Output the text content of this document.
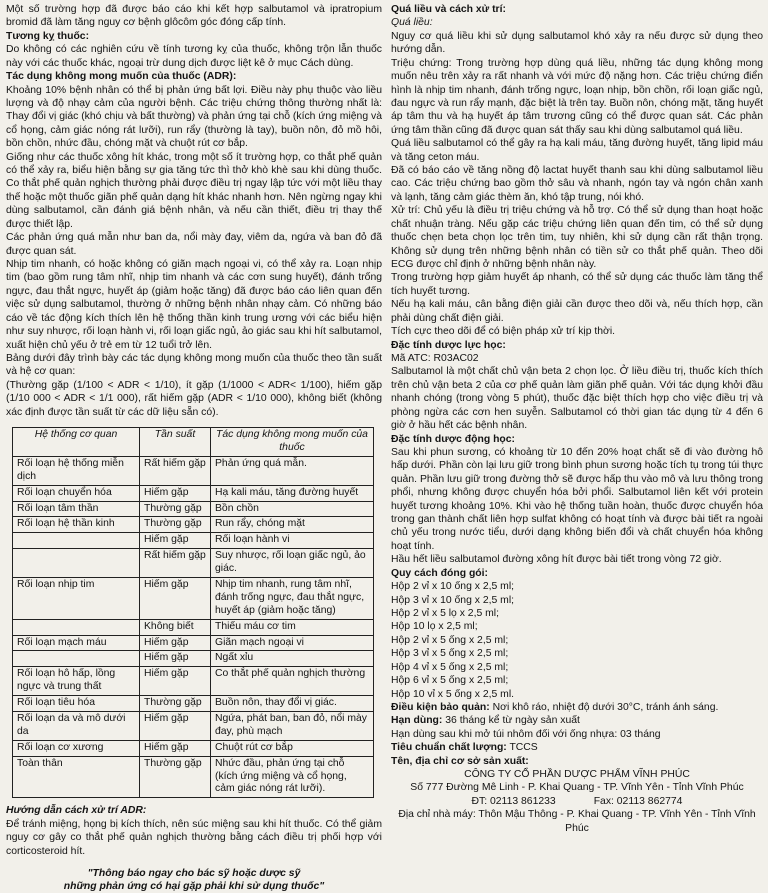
Một số trường hợp đã được báo cáo khi kết hợp salbutamol và ipratropium bromid đã làm tăng nguy cơ bệnh glôcôm góc đóng cấp tính.

Tương kỵ thuốc:

Do không có các nghiên cứu về tính tương kỵ của thuốc, không trộn lẫn thuốc này với các thuốc khác, ngoại trừ dung dịch được liệt kê ở mục Cách dùng.

Tác dụng không mong muốn của thuốc (ADR):

Khoảng 10% bệnh nhân có thể bị phản ứng bất lợi. Điều này phụ thuộc vào liều lượng và độ nhạy cảm của người bệnh. Các triệu chứng thông thường nhất là: Thay đổi vị giác (khó chịu và bất thường) và phản ứng tại chỗ (kích ứng miệng và cổ họng, cảm giác nóng rát lưỡi), run rẩy (thường là tay), buồn nôn, đỏ mồ hôi, bồn chồn, nhức đầu, chóng mặt và chuột rút cơ bắp.

Giống như các thuốc xông hít khác, trong một số ít trường hợp, co thắt phế quản có thể xảy ra, biểu hiện bằng sự gia tăng tức thì thở khò khè sau khi dùng thuốc. Co thắt phế quản nghịch thường phải được điều trị ngay lập tức với một liều thay thế hoặc một thuốc giãn phế quản dạng hít khác nhanh hơn. Nên ngừng ngay khi dùng salbutamol, cần đánh giá bệnh nhân, và nếu cần thiết, điều trị thay thế được thiết lập.

Các phản ứng quá mẫn như ban da, nổi mày đay, viêm da, ngứa và ban đỏ đã được quan sát.

Nhịp tim nhanh, có hoặc không có giãn mạch ngoại vi, có thể xảy ra. Loạn nhịp tim (bao gồm rung tâm nhĩ, nhịp tim nhanh và các cơn sung huyết), đánh trống ngực, đau thắt ngực, huyết áp (giảm hoặc tăng) đã được báo cáo liên quan đến việc sử dụng salbutamol, thường ở những bệnh nhân nhạy cảm. Có những báo cáo về tác động kích thích lên hệ thống thần kinh trung ương với các biểu hiện như suy nhược, rối loạn hành vi, rối loạn giấc ngủ, ảo giác sau khi hít salbutamol, xuất hiện chủ yếu ở trẻ em từ 12 tuổi trở lên.

Bảng dưới đây trình bày các tác dụng không mong muốn của thuốc theo tần suất và hệ cơ quan:

(Thường gặp (1/100 < ADR < 1/10), ít gặp (1/1000 < ADR< 1/100), hiếm gặp (1/10 000 < ADR < 1/1 000), rất hiếm gặp (ADR < 1/10 000), không biết (không xác định được tần suất từ các dữ liệu sẵn có).

Hệ thống cơ quan	Tần suất	Tác dụng không mong muốn của thuốc
Rối loạn hệ thống miễn dịch	Rất hiếm gặp	Phản ứng quá mẫn.
Rối loạn chuyển hóa	Hiếm gặp	Hạ kali máu, tăng đường huyết
Rối loạn tâm thần	Thường gặp	Bồn chồn
Rối loạn hệ thần kinh	Thường gặp	Run rẩy, chóng mặt
	Hiếm gặp	Rối loạn hành vi
	Rất hiếm gặp	Suy nhược, rối loạn giấc ngủ, ảo giác.
Rối loạn nhịp tim	Hiếm gặp	Nhịp tim nhanh, rung tâm nhĩ, đánh trống ngực, đau thắt ngực, huyết áp (giảm hoặc tăng)
	Không biết	Thiếu máu cơ tim
Rối loạn mạch máu	Hiếm gặp	Giãn mạch ngoại vi
	Hiếm gặp	Ngất xỉu
Rối loạn hô hấp, lồng ngực và trung thất	Hiếm gặp	Co thắt phế quản nghịch thường
Rối loạn tiêu hóa	Thường gặp	Buồn nôn, thay đổi vị giác.
Rối loạn da và mô dưới da	Hiếm gặp	Ngứa, phát ban, ban đỏ, nổi mày đay, phù mạch
Rối loạn cơ xương	Hiếm gặp	Chuột rút cơ bắp
Toàn thân	Thường gặp	Nhức đầu, phản ứng tại chỗ (kích ứng miệng và cổ họng, cảm giác nóng rát lưỡi).

Hướng dẫn cách xử trí ADR:

Để tránh miệng, họng bị kích thích, nên súc miệng sau khi hít thuốc. Có thể giảm nguy cơ gây co thắt phế quản nghịch thường bằng cách điều trị phối hợp với corticosteroid hít.

"Thông báo ngay cho bác sỹ hoặc dược sỹ
những phản ứng có hại gặp phải khi sử dụng thuốc"

Quá liều và cách xử trí:

Quá liều:

Nguy cơ quá liều khi sử dụng salbutamol khó xảy ra nếu được sử dụng theo hướng dẫn.

Triệu chứng: Trong trường hợp dùng quá liều, những tác dụng không mong muốn nêu trên xảy ra rất nhanh và với mức độ nặng hơn. Các triệu chứng điển hình là nhịp tim nhanh, đánh trống ngực, loạn nhịp, bồn chồn, rối loạn giấc ngủ, đau ngực và run rẩy mạnh, đặc biệt là trên tay. Buồn nôn, chóng mặt, tăng huyết áp tâm thu và hạ huyết áp tâm trương cũng có thể được quan sát. Các phản ứng tâm thần cũng đã được quan sát thấy sau khi dùng salbutamol quá liều.

Quá liều salbutamol có thể gây ra hạ kali máu, tăng đường huyết, tăng lipid máu và tăng ceton máu.

Đã có báo cáo về tăng nồng độ lactat huyết thanh sau khi dùng salbutamol liều cao. Các triệu chứng bao gồm thở sâu và nhanh, ngón tay và ngón chân xanh và lạnh, tăng cảm giác thèm ăn, khó tập trung, nói khó.

Xử trí: Chủ yếu là điều trị triệu chứng và hỗ trợ. Có thể sử dụng than hoạt hoặc chất nhuận tràng. Nếu gặp các triệu chứng liên quan đến tim, có thể sử dụng thuốc chẹn beta chọn lọc trên tim, tuy nhiên, khi sử dụng cần rất thận trọng. Không sử dụng trên những bệnh nhân có tiền sử co thắt phế quản. Theo dõi ECG được chỉ định ở những bệnh nhân này.

Trong trường hợp giảm huyết áp nhanh, có thể sử dụng các thuốc làm tăng thể tích huyết tương.

Nếu hạ kali máu, cân bằng điện giải cần được theo dõi và, nếu thích hợp, cần phải dùng chất điện giải.

Tích cực theo dõi để có biện pháp xử trí kịp thời.

Đặc tính dược lực học:

Mã ATC: R03AC02

Salbutamol là một chất chủ vận beta 2 chọn lọc. Ở liều điều trị, thuốc kích thích trên chủ vận beta 2 của cơ phế quản làm giãn phế quản. Với tác dụng khởi đầu nhanh chóng (trong vòng 5 phút), thuốc đặc biệt thích hợp cho việc điều trị và phòng ngừa các cơn hen suyễn. Salbutamol có thời gian tác dụng từ 4 đến 6 giờ ở hầu hết các bệnh nhân.

Đặc tính dược động học:

Sau khi phun sương, có khoảng từ 10 đến 20% hoạt chất sẽ đi vào đường hô hấp dưới. Phần còn lại lưu giữ trong bình phun sương hoặc tích tụ trong túi thực quản. Phần lưu giữ trong đường thở sẽ được hấp thu vào mô và lưu thông trong phổi, nhưng không được chuyển hóa bởi phổi. Salbutamol liên kết với protein huyết tương khoảng 10%. Khi vào hệ thống tuần hoàn, thuốc được chuyển hóa trong gan thành chất liên hợp sulfat không có hoạt tính và được bài tiết ra ngoài chủ yếu trong nước tiểu, dưới dạng không biến đổi và chất chuyển hóa không hoạt tính.

Hầu hết liều salbutamol đường xông hít được bài tiết trong vòng 72 giờ.

Quy cách đóng gói:

Hộp 2 vỉ x 10 ống x 2,5 ml;

Hộp 3 vỉ x 10 ống x 2,5 ml;

Hộp 2 vỉ x 5 lọ x 2,5 ml;

Hộp 10 lọ x 2,5 ml;

Hộp 2 vỉ x 5 ống x 2,5 ml;

Hộp 3 vỉ x 5 ống x 2,5 ml;

Hộp 4 vỉ x 5 ống x 2,5 ml;

Hộp 6 vỉ x 5 ống x 2,5 ml;

Hộp 10 vỉ x 5 ống x 2,5 ml.

Điều kiện bảo quản: Nơi khô ráo, nhiệt độ dưới 30°C, tránh ánh sáng.

Hạn dùng: 36 tháng kể từ ngày sản xuất

Hạn dùng sau khi mở túi nhôm đối với ống nhựa: 03 tháng

Tiêu chuẩn chất lượng: TCCS

Tên, địa chỉ cơ sở sản xuất:

CÔNG TY CỔ PHẦN DƯỢC PHẨM VĨNH PHÚC

Số 777 Đường Mê Linh - P. Khai Quang - TP. Vĩnh Yên - Tỉnh Vĩnh Phúc

ĐT: 02113 861233	Fax: 02113 862774

Địa chỉ nhà máy: Thôn Mậu Thông - P. Khai Quang - TP. Vĩnh Yên - Tỉnh Vĩnh Phúc
